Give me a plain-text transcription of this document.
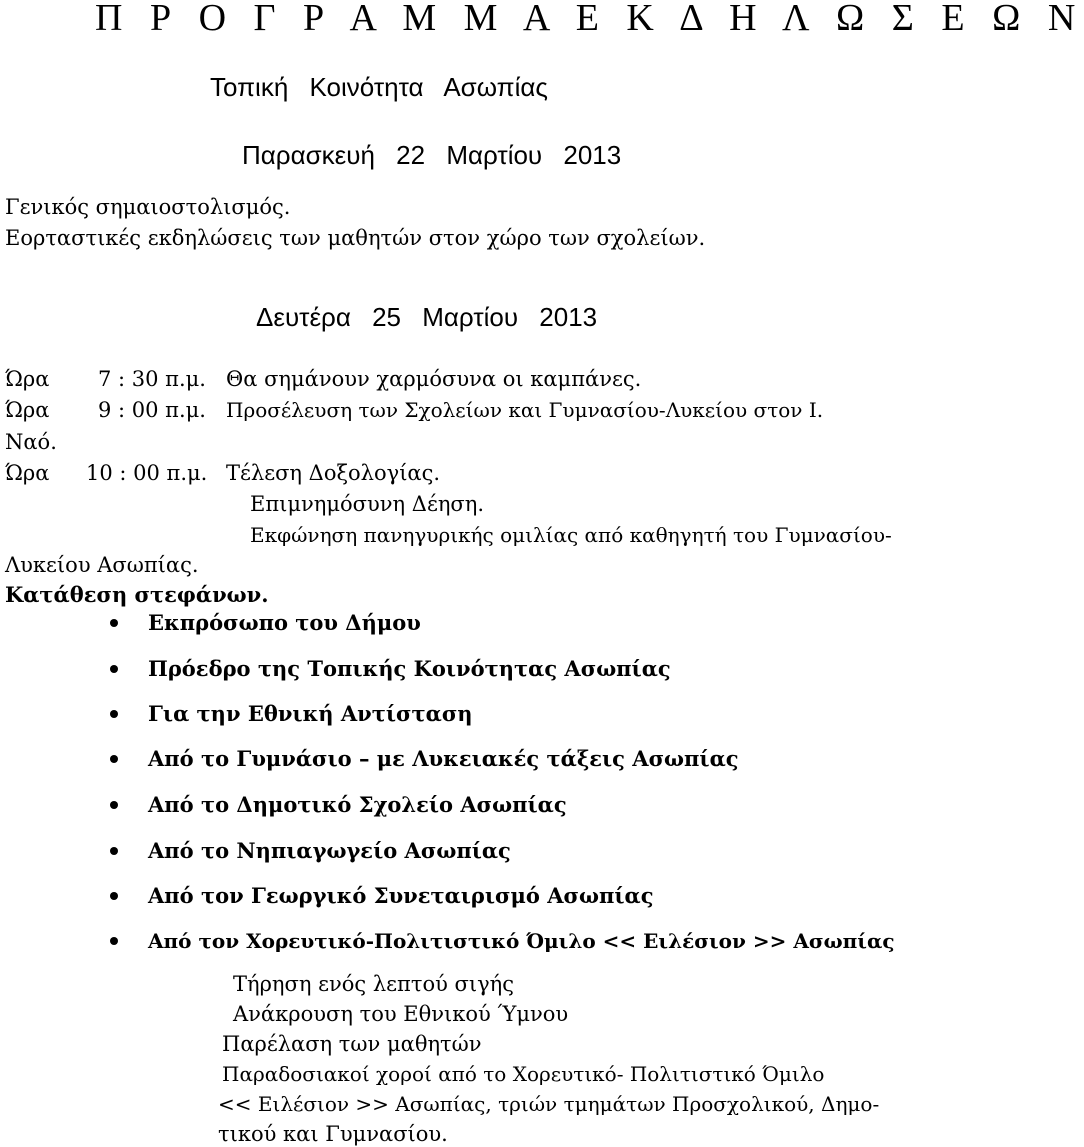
Π Ρ Ο Γ Ρ Α Μ Μ Α Ε Κ Δ Η Λ Ω Σ Ε Ω Ν
Τοπική Κοινότητα Ασωπίας
Παρασκευή 22 Μαρτίου 2013
Γενικός σημαιοστολισμός.
Εορταστικές εκδηλώσεις των μαθητών στον χώρο των σχολείων.
Δευτέρα 25 Μαρτίου 2013
Ώρα 7 : 30 π.μ. Θα σημάνουν χαρμόσυνα οι καμπάνες.
Ώρα 9 : 00 π.μ. Προσέλευση των Σχολείων και Γυμνασίου-Λυκείου στον Ι.
Ναό.
Ώρα 10 : 00 π.μ. Τέλεση Δοξολογίας.
Επιμνημόσυνη Δέηση.
Εκφώνηση πανηγυρικής ομιλίας από καθηγητή του Γυμνασίου-
Λυκείου Ασωπίας.
Κατάθεση στεφάνων.
Εκπρόσωπο του Δήμου
Πρόεδρο της Τοπικής Κοινότητας Ασωπίας
Για την Εθνική Αντίσταση
Από το Γυμνάσιο – με Λυκειακές τάξεις Ασωπίας
Από το Δημοτικό Σχολείο Ασωπίας
Από το Νηπιαγωγείο Ασωπίας
Από τον Γεωργικό Συνεταιρισμό Ασωπίας
Από τον Χορευτικό-Πολιτιστικό Όμιλο << Ειλέσιον >> Ασωπίας
Τήρηση ενός λεπτού σιγής
Ανάκρουση του Εθνικού Ύμνου
Παρέλαση των μαθητών
Παραδοσιακοί χοροί από το Χορευτικό- Πολιτιστικό Όμιλο
<< Ειλέσιον >> Ασωπίας, τριών τμημάτων Προσχολικού, Δημο-
τικού και Γυμνασίου.
